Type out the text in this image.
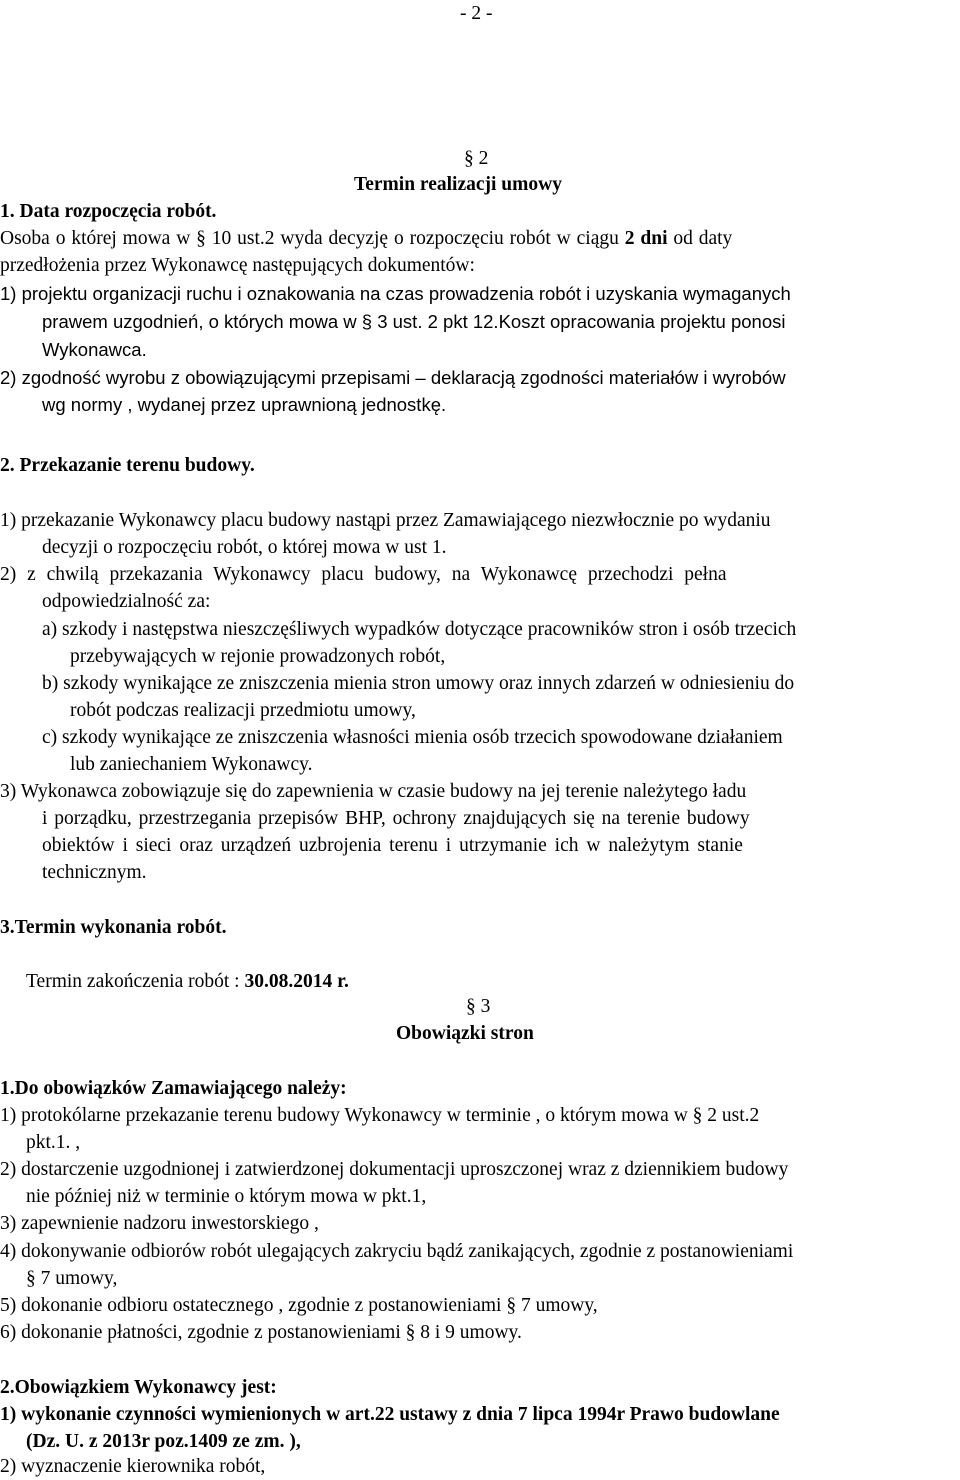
- 2 -
§ 2
Termin realizacji umowy
1. Data rozpoczęcia robót.
Osoba o której mowa w § 10 ust.2 wyda decyzję o rozpoczęciu robót w ciągu 2 dni od daty
przedłożenia przez Wykonawcę następujących dokumentów:
1) projektu organizacji ruchu i oznakowania na czas prowadzenia robót i uzyskania wymaganych
prawem uzgodnień, o których mowa w § 3 ust. 2 pkt 12.Koszt opracowania projektu ponosi
Wykonawca.
2) zgodność wyrobu z obowiązującymi przepisami – deklaracją zgodności materiałów i wyrobów
wg normy , wydanej przez uprawnioną jednostkę.
2. Przekazanie terenu budowy.
1) przekazanie Wykonawcy placu budowy nastąpi przez Zamawiającego niezwłocznie po wydaniu
decyzji o rozpoczęciu robót, o której mowa w ust 1.
2) z chwilą przekazania Wykonawcy placu budowy, na Wykonawcę przechodzi pełna
odpowiedzialność za:
a) szkody i następstwa nieszczęśliwych wypadków dotyczące pracowników stron i osób trzecich
przebywających w rejonie prowadzonych robót,
b) szkody wynikające ze zniszczenia mienia stron umowy oraz innych zdarzeń w odniesieniu do
robót podczas realizacji przedmiotu umowy,
c) szkody wynikające ze zniszczenia własności mienia osób trzecich spowodowane działaniem
lub zaniechaniem Wykonawcy.
3) Wykonawca zobowiązuje się do zapewnienia w czasie budowy na jej terenie należytego ładu
i porządku, przestrzegania przepisów BHP, ochrony znajdujących się na terenie budowy
obiektów i sieci oraz urządzeń uzbrojenia terenu i utrzymanie ich w należytym stanie
technicznym.
3.Termin wykonania robót.
Termin zakończenia robót : 30.08.2014 r.
§ 3
Obowiązki stron
1.Do obowiązków Zamawiającego należy:
1) protokólarne przekazanie terenu budowy Wykonawcy w terminie , o którym mowa w § 2 ust.2
pkt.1. ,
2) dostarczenie uzgodnionej i zatwierdzonej dokumentacji uproszczonej wraz z dziennikiem budowy
nie później niż w terminie o którym mowa w pkt.1,
3) zapewnienie nadzoru inwestorskiego ,
4) dokonywanie odbiorów robót ulegających zakryciu bądź zanikających, zgodnie z postanowieniami
§ 7 umowy,
5) dokonanie odbioru ostatecznego , zgodnie z postanowieniami § 7 umowy,
6) dokonanie płatności, zgodnie z postanowieniami § 8 i 9 umowy.
2.Obowiązkiem Wykonawcy jest:
1) wykonanie czynności wymienionych w art.22 ustawy z dnia 7 lipca 1994r Prawo budowlane
(Dz. U. z 2013r poz.1409 ze zm. ),
2) wyznaczenie kierownika robót,
